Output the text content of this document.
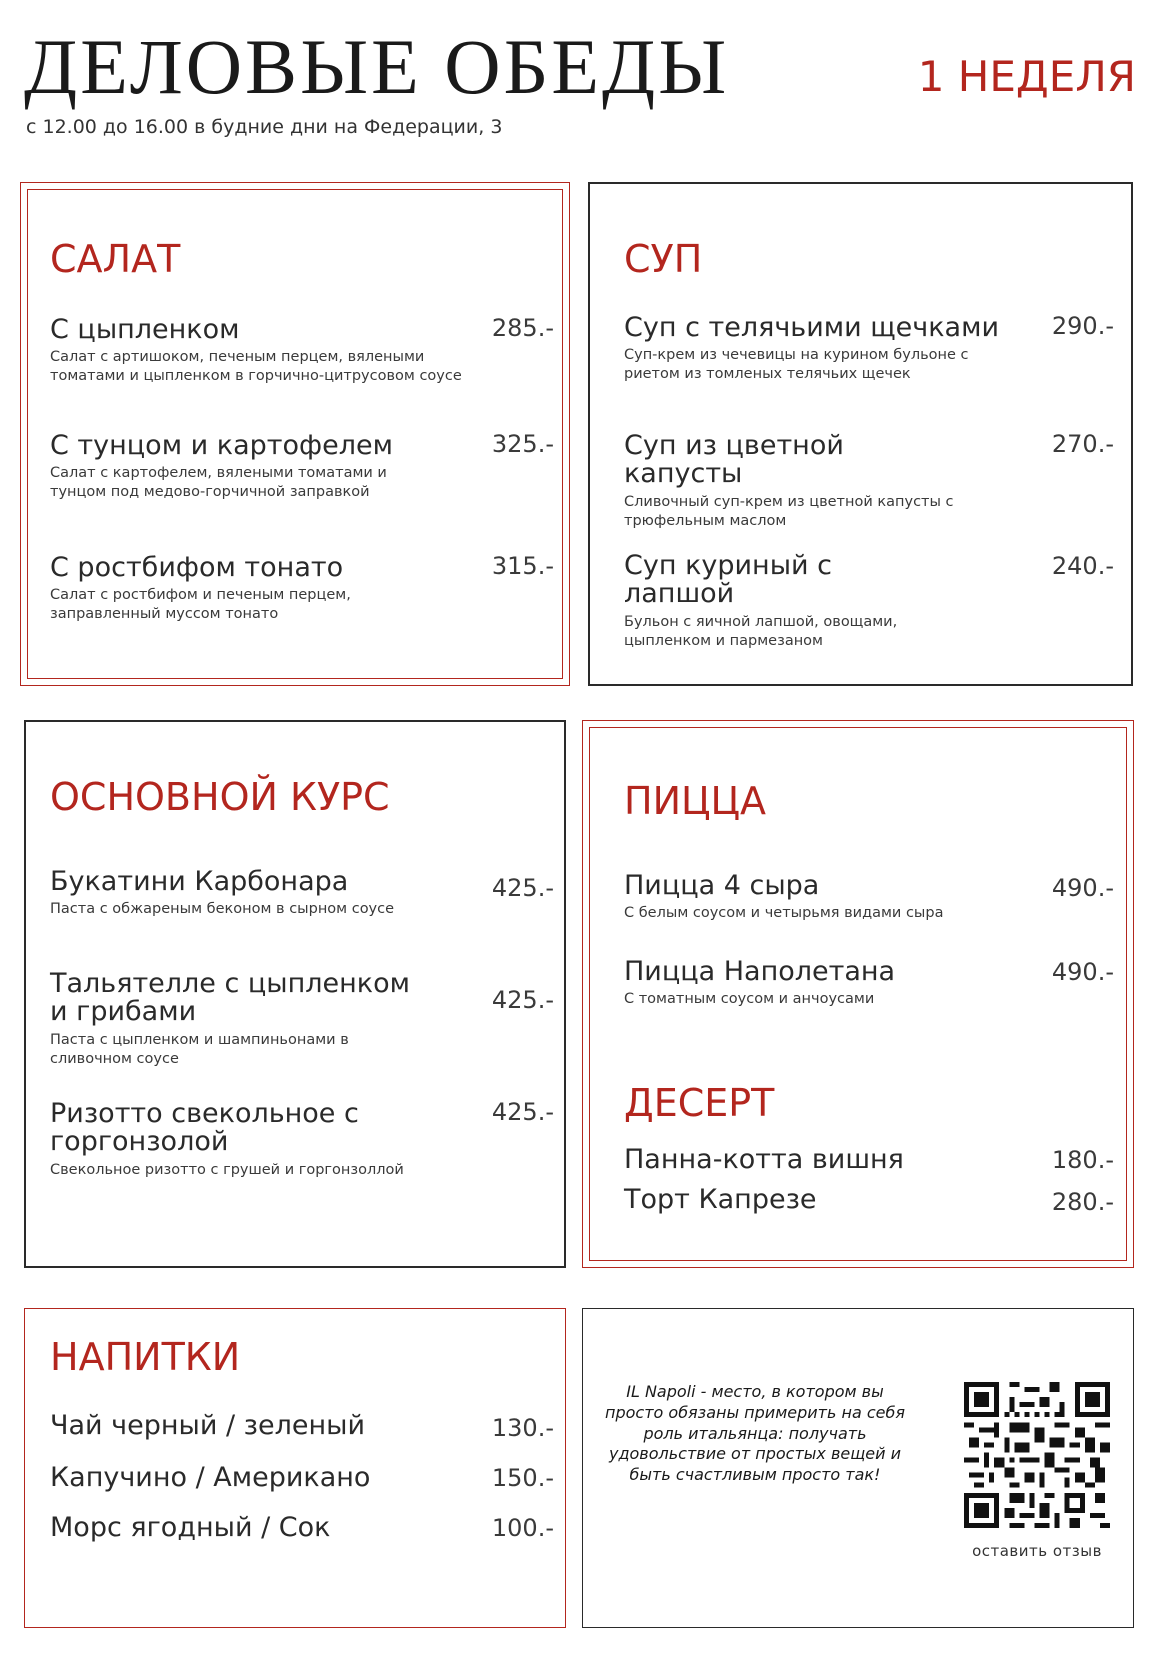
ДЕЛОВЫЕ ОБЕДЫ
с 12.00 до 16.00 в будние дни на Федерации, 3
1 НЕДЕЛЯ
САЛАТ
С цыпленком
Салат с артишоком, печеным перцем, вялеными томатами и цыпленком в горчично-цитрусовом соусе
285.-
С тунцом и картофелем
Салат с картофелем, вялеными томатами и тунцом под медово-горчичной заправкой
325.-
С ростбифом тонато
Салат с ростбифом и печеным перцем, заправленный муссом тонато
315.-
СУП
Суп с телячьими щечками
Суп-крем из чечевицы на курином бульоне с риетом из томленых телячьих щечек
290.-
Суп из цветной капусты
Сливочный суп-крем из цветной капусты с трюфельным маслом
270.-
Суп куриный с лапшой
Бульон с яичной лапшой, овощами, цыпленком и пармезаном
240.-
ОСНОВНОЙ КУРС
Букатини Карбонара
Паста с обжареным беконом в сырном соусе
425.-
Тальятелле с цыпленком и грибами
Паста с цыпленком и шампиньонами в сливочном соусе
425.-
Ризотто свекольное с горгонзолой
Свекольное ризотто с грушей и горгонзоллой
425.-
ПИЦЦА
Пицца 4 сыра
С белым соусом и четырьмя видами сыра
490.-
Пицца Наполетана
С томатным соусом и анчоусами
490.-
ДЕСЕРТ
Панна-котта вишня	180.-
Торт Капрезе	280.-
НАПИТКИ
Чай черный / зеленый	130.-
Капучино / Американо	150.-
Морс ягодный / Сок	100.-
IL Napoli - место, в котором вы просто обязаны примерить на себя роль итальянца: получать удовольствие от простых вещей и быть счастливым просто так!
оставить отзыв
